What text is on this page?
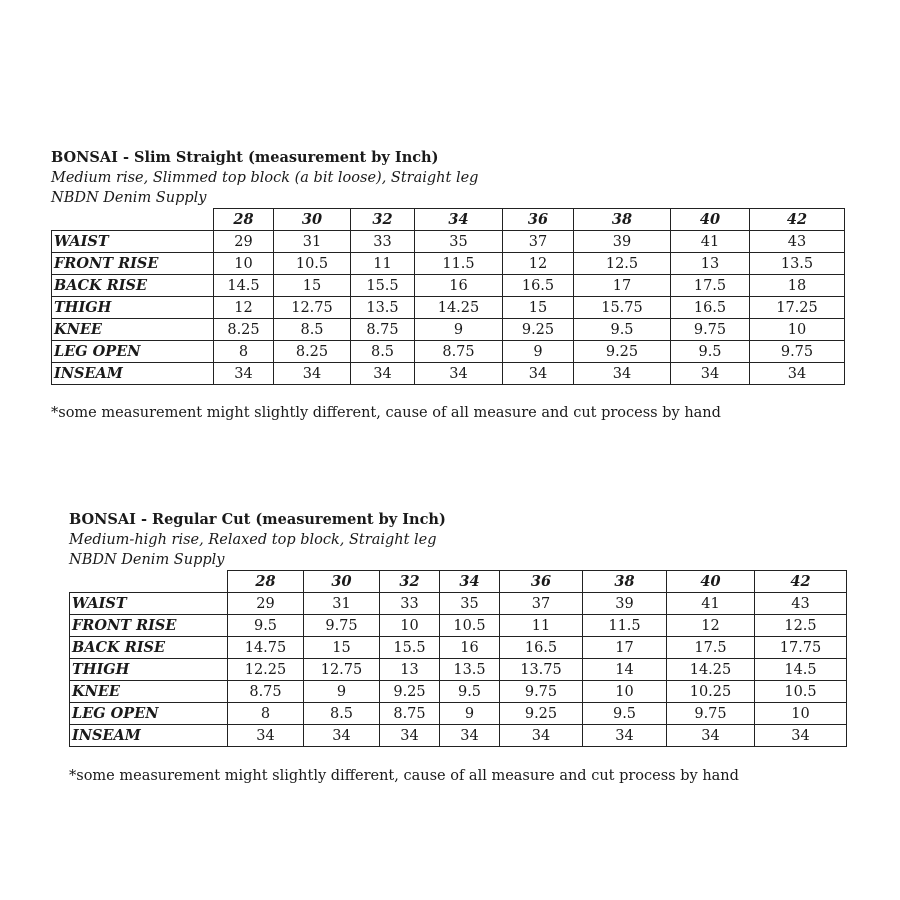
BONSAI - Slim Straight (measurement by Inch)
Medium rise, Slimmed top block (a bit loose), Straight leg
NBDN Denim Supply
	28	30	32	34	36	38	40	42
WAIST	29	31	33	35	37	39	41	43
FRONT RISE	10	10.5	11	11.5	12	12.5	13	13.5
BACK RISE	14.5	15	15.5	16	16.5	17	17.5	18
THIGH	12	12.75	13.5	14.25	15	15.75	16.5	17.25
KNEE	8.25	8.5	8.75	9	9.25	9.5	9.75	10
LEG OPEN	8	8.25	8.5	8.75	9	9.25	9.5	9.75
INSEAM	34	34	34	34	34	34	34	34
*some measurement might slightly different, cause of all measure and cut process by hand
BONSAI - Regular Cut (measurement by Inch)
Medium-high rise, Relaxed top block, Straight leg
NBDN Denim Supply
	28	30	32	34	36	38	40	42
WAIST	29	31	33	35	37	39	41	43
FRONT RISE	9.5	9.75	10	10.5	11	11.5	12	12.5
BACK RISE	14.75	15	15.5	16	16.5	17	17.5	17.75
THIGH	12.25	12.75	13	13.5	13.75	14	14.25	14.5
KNEE	8.75	9	9.25	9.5	9.75	10	10.25	10.5
LEG OPEN	8	8.5	8.75	9	9.25	9.5	9.75	10
INSEAM	34	34	34	34	34	34	34	34
*some measurement might slightly different, cause of all measure and cut process by hand
